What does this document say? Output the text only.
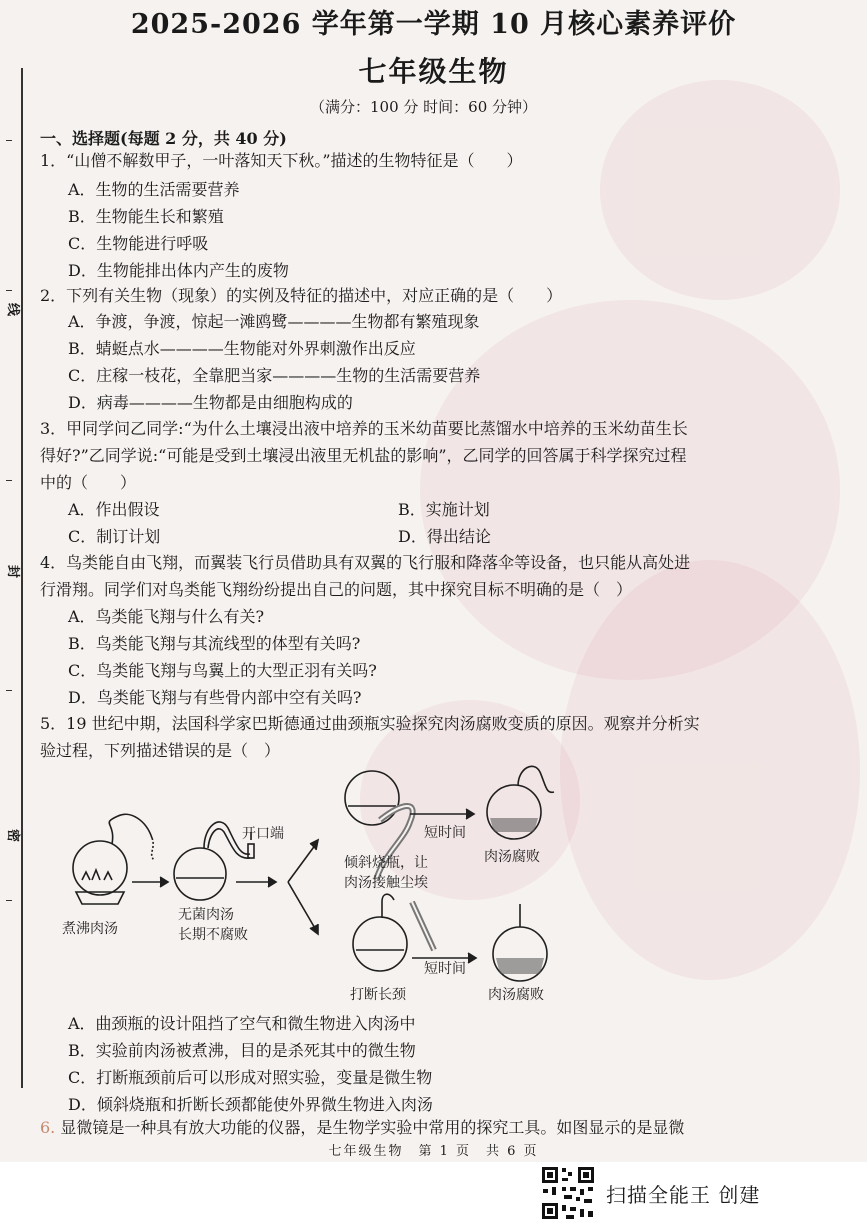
线
封
密
2025-2026 学年第一学期 10 月核心素养评价
七年级生物
（满分：100 分 时间：60 分钟）
一、选择题(每题 2 分，共 40 分)
1．“山僧不解数甲子，一叶落知天下秋。”描述的生物特征是（　　）
A．生物的生活需要营养
B．生物能生长和繁殖
C．生物能进行呼吸
D．生物能排出体内产生的废物
2．下列有关生物（现象）的实例及特征的描述中，对应正确的是（　　）
A．争渡，争渡，惊起一滩鸥鹭————生物都有繁殖现象
B．蜻蜓点水————生物能对外界刺激作出反应
C．庄稼一枝花，全靠肥当家————生物的生活需要营养
D．病毒————生物都是由细胞构成的
3．甲同学问乙同学:“为什么土壤浸出液中培养的玉米幼苗要比蒸馏水中培养的玉米幼苗生长
得好?”乙同学说:“可能是受到土壤浸出液里无机盐的影响”，乙同学的回答属于科学探究过程
中的（　　）
A．作出假设	B．实施计划
C．制订计划	D．得出结论
4．鸟类能自由飞翔，而翼装飞行员借助具有双翼的飞行服和降落伞等设备，也只能从高处进
行滑翔。同学们对鸟类能飞翔纷纷提出自己的问题，其中探究目标不明确的是（　）
A．鸟类能飞翔与什么有关?
B．鸟类能飞翔与其流线型的体型有关吗?
C．鸟类能飞翔与鸟翼上的大型正羽有关吗?
D．鸟类能飞翔与有些骨内部中空有关吗?
5．19 世纪中期，法国科学家巴斯德通过曲颈瓶实验探究肉汤腐败变质的原因。观察并分析实
验过程，下列描述错误的是（　）
煮沸肉汤
开口端
无菌肉汤
长期不腐败
倾斜烧瓶，让
肉汤接触尘埃
短时间
肉汤腐败
打断长颈
短时间
肉汤腐败
A．曲颈瓶的设计阻挡了空气和微生物进入肉汤中
B．实验前肉汤被煮沸，目的是杀死其中的微生物
C．打断瓶颈前后可以形成对照实验，变量是微生物
D．倾斜烧瓶和折断长颈都能使外界微生物进入肉汤
6. 显微镜是一种具有放大功能的仪器，是生物学实验中常用的探究工具。如图显示的是显微
七年级生物　第 1 页　共 6 页
扫描全能王 创建
